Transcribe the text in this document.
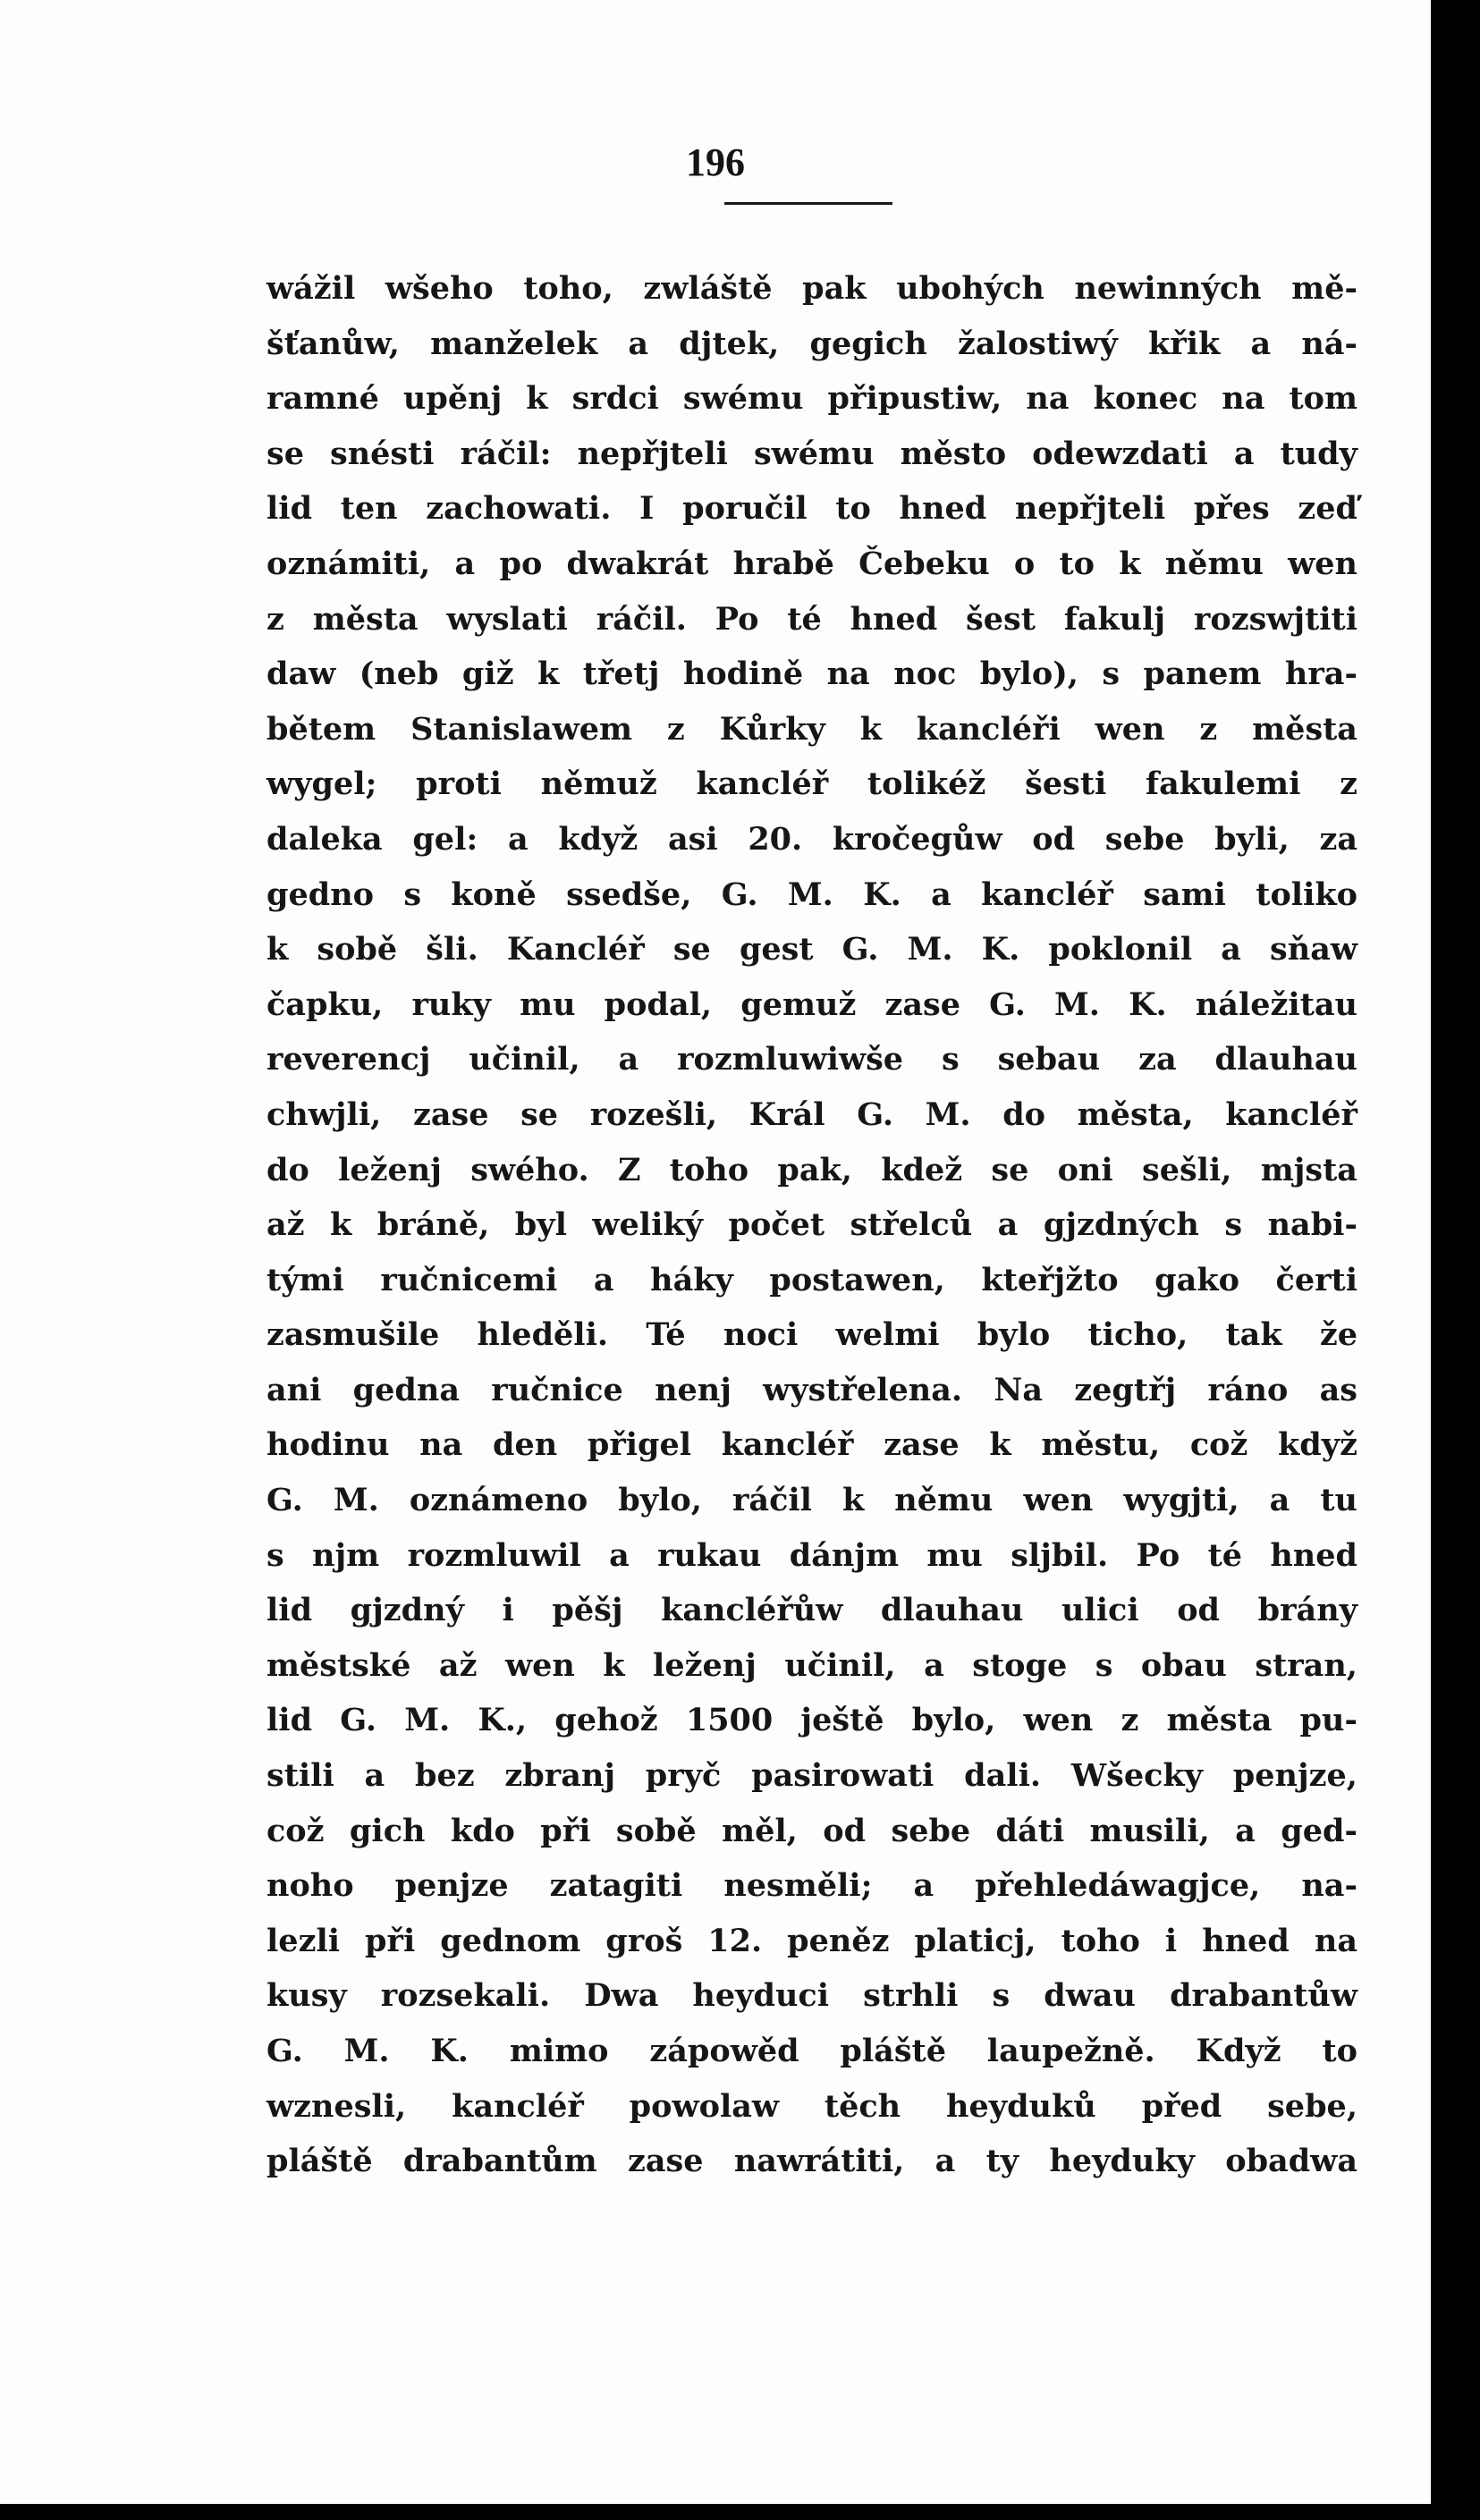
196
wážil wšeho toho, zwláště pak ubohých newinných mě-
šťanůw, manželek a djtek, gegich žalostiwý křik a ná-
ramné upěnj k srdci swému připustiw, na konec na tom
se snésti ráčil: nepřjteli swému město odewzdati a tudy
lid ten zachowati. I poručil to hned nepřjteli přes zeď
oznámiti, a po dwakrát hrabě Čebeku o to k němu wen
z města wyslati ráčil. Po té hned šest fakulj rozswjtiti
daw (neb giž k třetj hodině na noc bylo), s panem hra-
bětem Stanislawem z Kůrky k kancléři wen z města
wygel; proti němuž kancléř tolikéž šesti fakulemi z
daleka gel: a když asi 20. kročegůw od sebe byli, za
gedno s koně ssedše, G. M. K. a kancléř sami toliko
k sobě šli. Kancléř se gest G. M. K. poklonil a sňaw
čapku, ruky mu podal, gemuž zase G. M. K. náležitau
reverencj učinil, a rozmluwiwše s sebau za dlauhau
chwjli, zase se rozešli, Král G. M. do města, kancléř
do leženj swého. Z toho pak, kdež se oni sešli, mjsta
až k bráně, byl weliký počet střelců a gjzdných s nabi-
tými ručnicemi a háky postawen, kteřjžto gako čerti
zasmušile hleděli. Té noci welmi bylo ticho, tak že
ani gedna ručnice nenj wystřelena. Na zegtřj ráno as
hodinu na den přigel kancléř zase k městu, což když
G. M. oznámeno bylo, ráčil k němu wen wygjti, a tu
s njm rozmluwil a rukau dánjm mu sljbil. Po té hned
lid gjzdný i pěšj kancléřůw dlauhau ulici od brány
městské až wen k leženj učinil, a stoge s obau stran,
lid G. M. K., gehož 1500 ještě bylo, wen z města pu-
stili a bez zbranj pryč pasirowati dali. Wšecky penjze,
což gich kdo při sobě měl, od sebe dáti musili, a ged-
noho penjze zatagiti nesměli; a přehledáwagjce, na-
lezli při gednom groš 12. peněz platicj, toho i hned na
kusy rozsekali. Dwa heyduci strhli s dwau drabantůw
G. M. K. mimo zápowěd pláště laupežně. Když to
wznesli, kancléř powolaw těch heyduků před sebe,
pláště drabantům zase nawrátiti, a ty heyduky obadwa
